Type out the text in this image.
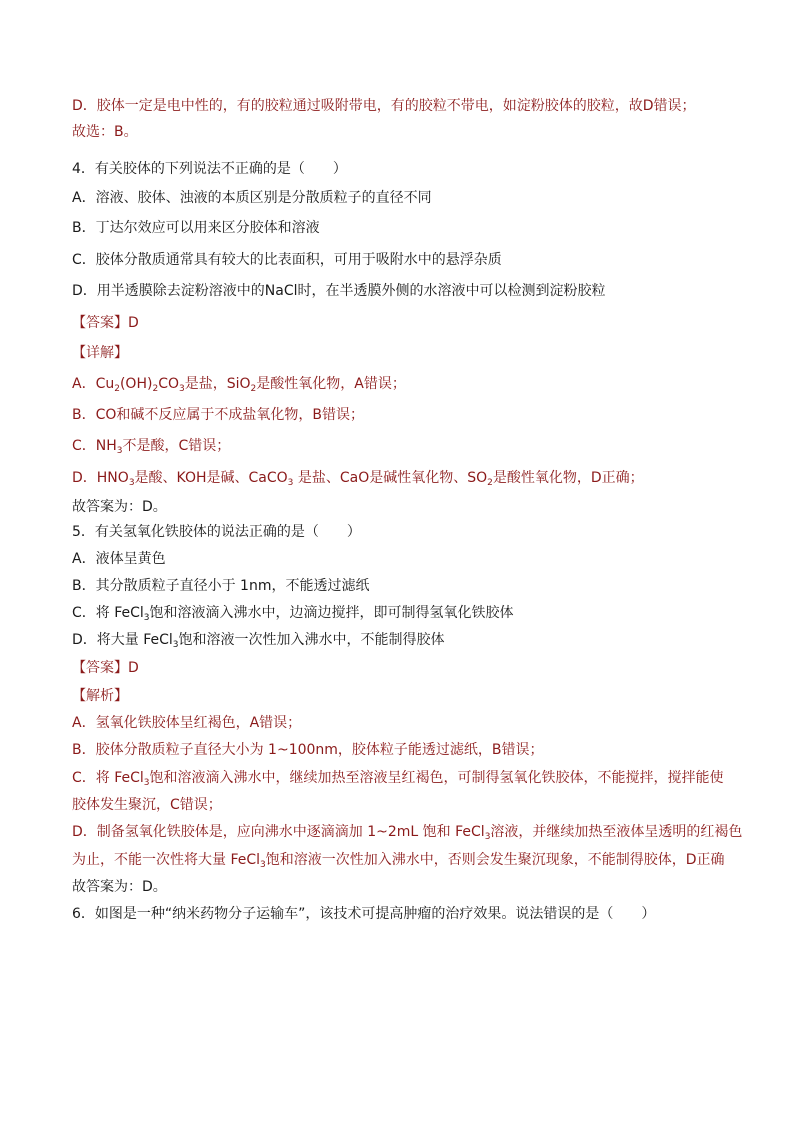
D．胶体一定是电中性的，有的胶粒通过吸附带电，有的胶粒不带电，如淀粉胶体的胶粒，故D错误；
故选：B。
4．有关胶体的下列说法不正确的是（　　）
A．溶液、胶体、浊液的本质区别是分散质粒子的直径不同
B．丁达尔效应可以用来区分胶体和溶液
C．胶体分散质通常具有较大的比表面积，可用于吸附水中的悬浮杂质
D．用半透膜除去淀粉溶液中的NaCl时，在半透膜外侧的水溶液中可以检测到淀粉胶粒
【答案】D
【详解】
A．$Cu_2(OH)_2CO_3$是盐，SiO$_2$是酸性氧化物，A错误；
B．CO和碱不反应属于不成盐氧化物，B错误；
C．$NH_3$不是酸，C错误；
D．$HNO_3$是酸、KOH是碱、CaCO$_3$ 是盐、CaO是碱性氧化物、$SO_2$是酸性氧化物，D正确；
故答案为：D。
5．有关氢氧化铁胶体的说法正确的是（　　）
A．液体呈黄色
B．其分散质粒子直径小于 1nm，不能透过滤纸
C．将 FeCl$_3$饱和溶液滴入沸水中，边滴边搅拌，即可制得氢氧化铁胶体
D．将大量 FeCl$_3$饱和溶液一次性加入沸水中，不能制得胶体
【答案】D
【解析】
A．氢氧化铁胶体呈红褐色，A错误；
B．胶体分散质粒子直径大小为 1~100nm，胶体粒子能透过滤纸，B错误；
C．将 FeCl$_3$饱和溶液滴入沸水中，继续加热至溶液呈红褐色，可制得氢氧化铁胶体，不能搅拌，搅拌能使
胶体发生聚沉，C错误；
D．制备氢氧化铁胶体是，应向沸水中逐滴滴加 1~2mL 饱和 FeCl$_3$溶液，并继续加热至液体呈透明的红褐色
为止，不能一次性将大量 FeCl$_3$饱和溶液一次性加入沸水中，否则会发生聚沉现象，不能制得胶体，D正确
故答案为：D。
6．如图是一种“纳米药物分子运输车”，该技术可提高肿瘤的治疗效果。说法错误的是（　　）
